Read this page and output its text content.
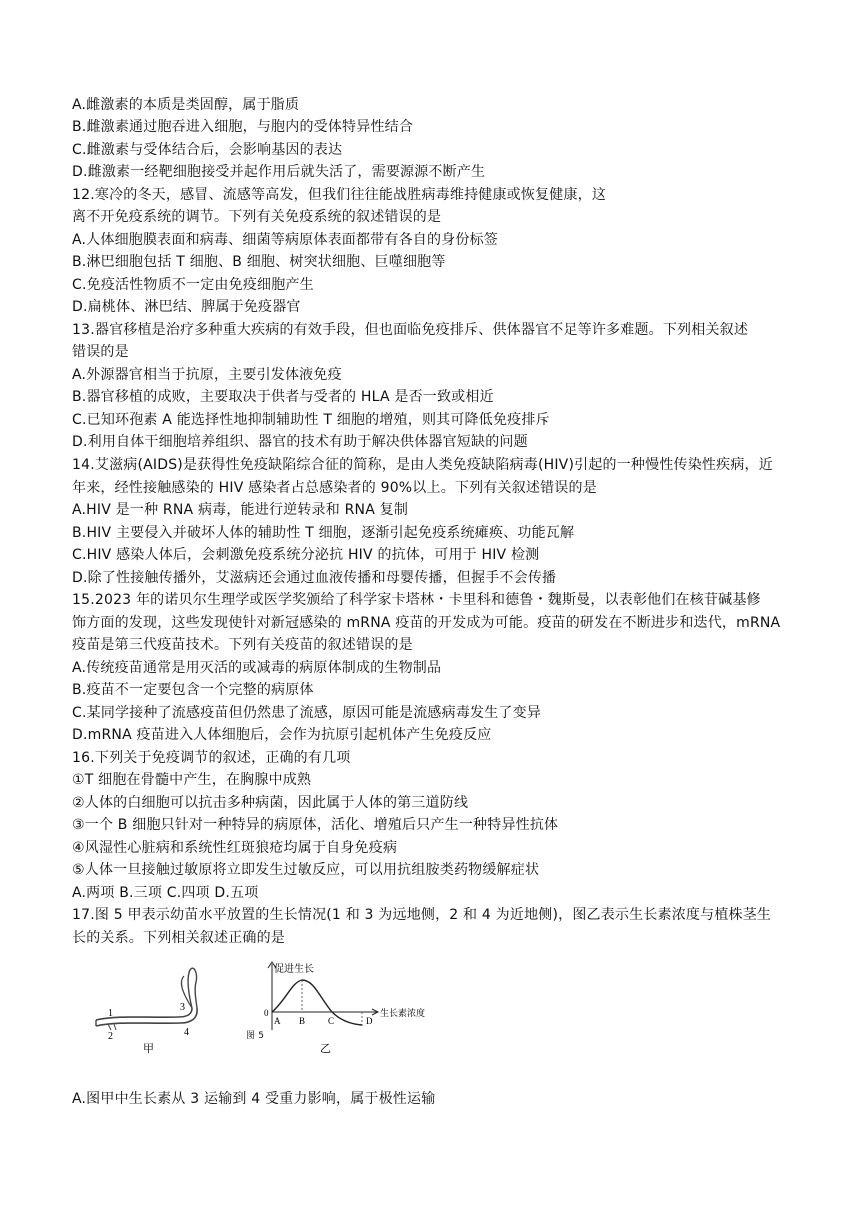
A.雌激素的本质是类固醇，属于脂质
B.雌激素通过胞吞进入细胞，与胞内的受体特异性结合
C.雌激素与受体结合后，会影响基因的表达
D.雌激素一经靶细胞接受并起作用后就失活了，需要源源不断产生
12.寒冷的冬天，感冒、流感等高发，但我们往往能战胜病毒维持健康或恢复健康，这
离不开免疫系统的调节。下列有关免疫系统的叙述错误的是
A.人体细胞膜表面和病毒、细菌等病原体表面都带有各自的身份标签
B.淋巴细胞包括 T 细胞、B 细胞、树突状细胞、巨噬细胞等
C.免疫活性物质不一定由免疫细胞产生
D.扁桃体、淋巴结、脾属于免疫器官
13.器官移植是治疗多种重大疾病的有效手段，但也面临免疫排斥、供体器官不足等许多难题。下列相关叙述
错误的是
A.外源器官相当于抗原，主要引发体液免疫
B.器官移植的成败，主要取决于供者与受者的 HLA 是否一致或相近
C.已知环孢素 A 能选择性地抑制辅助性 T 细胞的增殖，则其可降低免疫排斥
D.利用自体干细胞培养组织、器官的技术有助于解决供体器官短缺的问题
14.艾滋病(AIDS)是获得性免疫缺陷综合征的简称，是由人类免疫缺陷病毒(HIV)引起的一种慢性传染性疾病，近
年来，经性接触感染的 HIV 感染者占总感染者的 90%以上。下列有关叙述错误的是
A.HIV 是一种 RNA 病毒，能进行逆转录和 RNA 复制
B.HIV 主要侵入并破坏人体的辅助性 T 细胞，逐渐引起免疫系统瘫痪、功能瓦解
C.HIV 感染人体后，会刺激免疫系统分泌抗 HIV 的抗体，可用于 HIV 检测
D.除了性接触传播外，艾滋病还会通过血液传播和母婴传播，但握手不会传播
15.2023 年的诺贝尔生理学或医学奖颁给了科学家卡塔林・卡里科和德鲁・魏斯曼，以表彰他们在核苷碱基修
饰方面的发现，这些发现使针对新冠感染的 mRNA 疫苗的开发成为可能。疫苗的研发在不断进步和迭代，mRNA
疫苗是第三代疫苗技术。下列有关疫苗的叙述错误的是
A.传统疫苗通常是用灭活的或减毒的病原体制成的生物制品
B.疫苗不一定要包含一个完整的病原体
C.某同学接种了流感疫苗但仍然患了流感，原因可能是流感病毒发生了变异
D.mRNA 疫苗进入人体细胞后，会作为抗原引起机体产生免疫反应
16.下列关于免疫调节的叙述，正确的有几项
①T 细胞在骨髓中产生，在胸腺中成熟
②人体的白细胞可以抗击多种病菌，因此属于人体的第三道防线
③一个 B 细胞只针对一种特异的病原体，活化、增殖后只产生一种特异性抗体
④风湿性心脏病和系统性红斑狼疮均属于自身免疫病
⑤人体一旦接触过敏原将立即发生过敏反应，可以用抗组胺类药物缓解症状
A.两项 B.三项 C.四项 D.五项
17.图 5 甲表示幼苗水平放置的生长情况(1 和 3 为远地侧，2 和 4 为近地侧)，图乙表示生长素浓度与植株茎生
长的关系。下列相关叙述正确的是
1
2
3
4
甲
促进生长
0
A B	C	D
生长素浓度
乙
图 5
A.图甲中生长素从 3 运输到 4 受重力影响，属于极性运输
